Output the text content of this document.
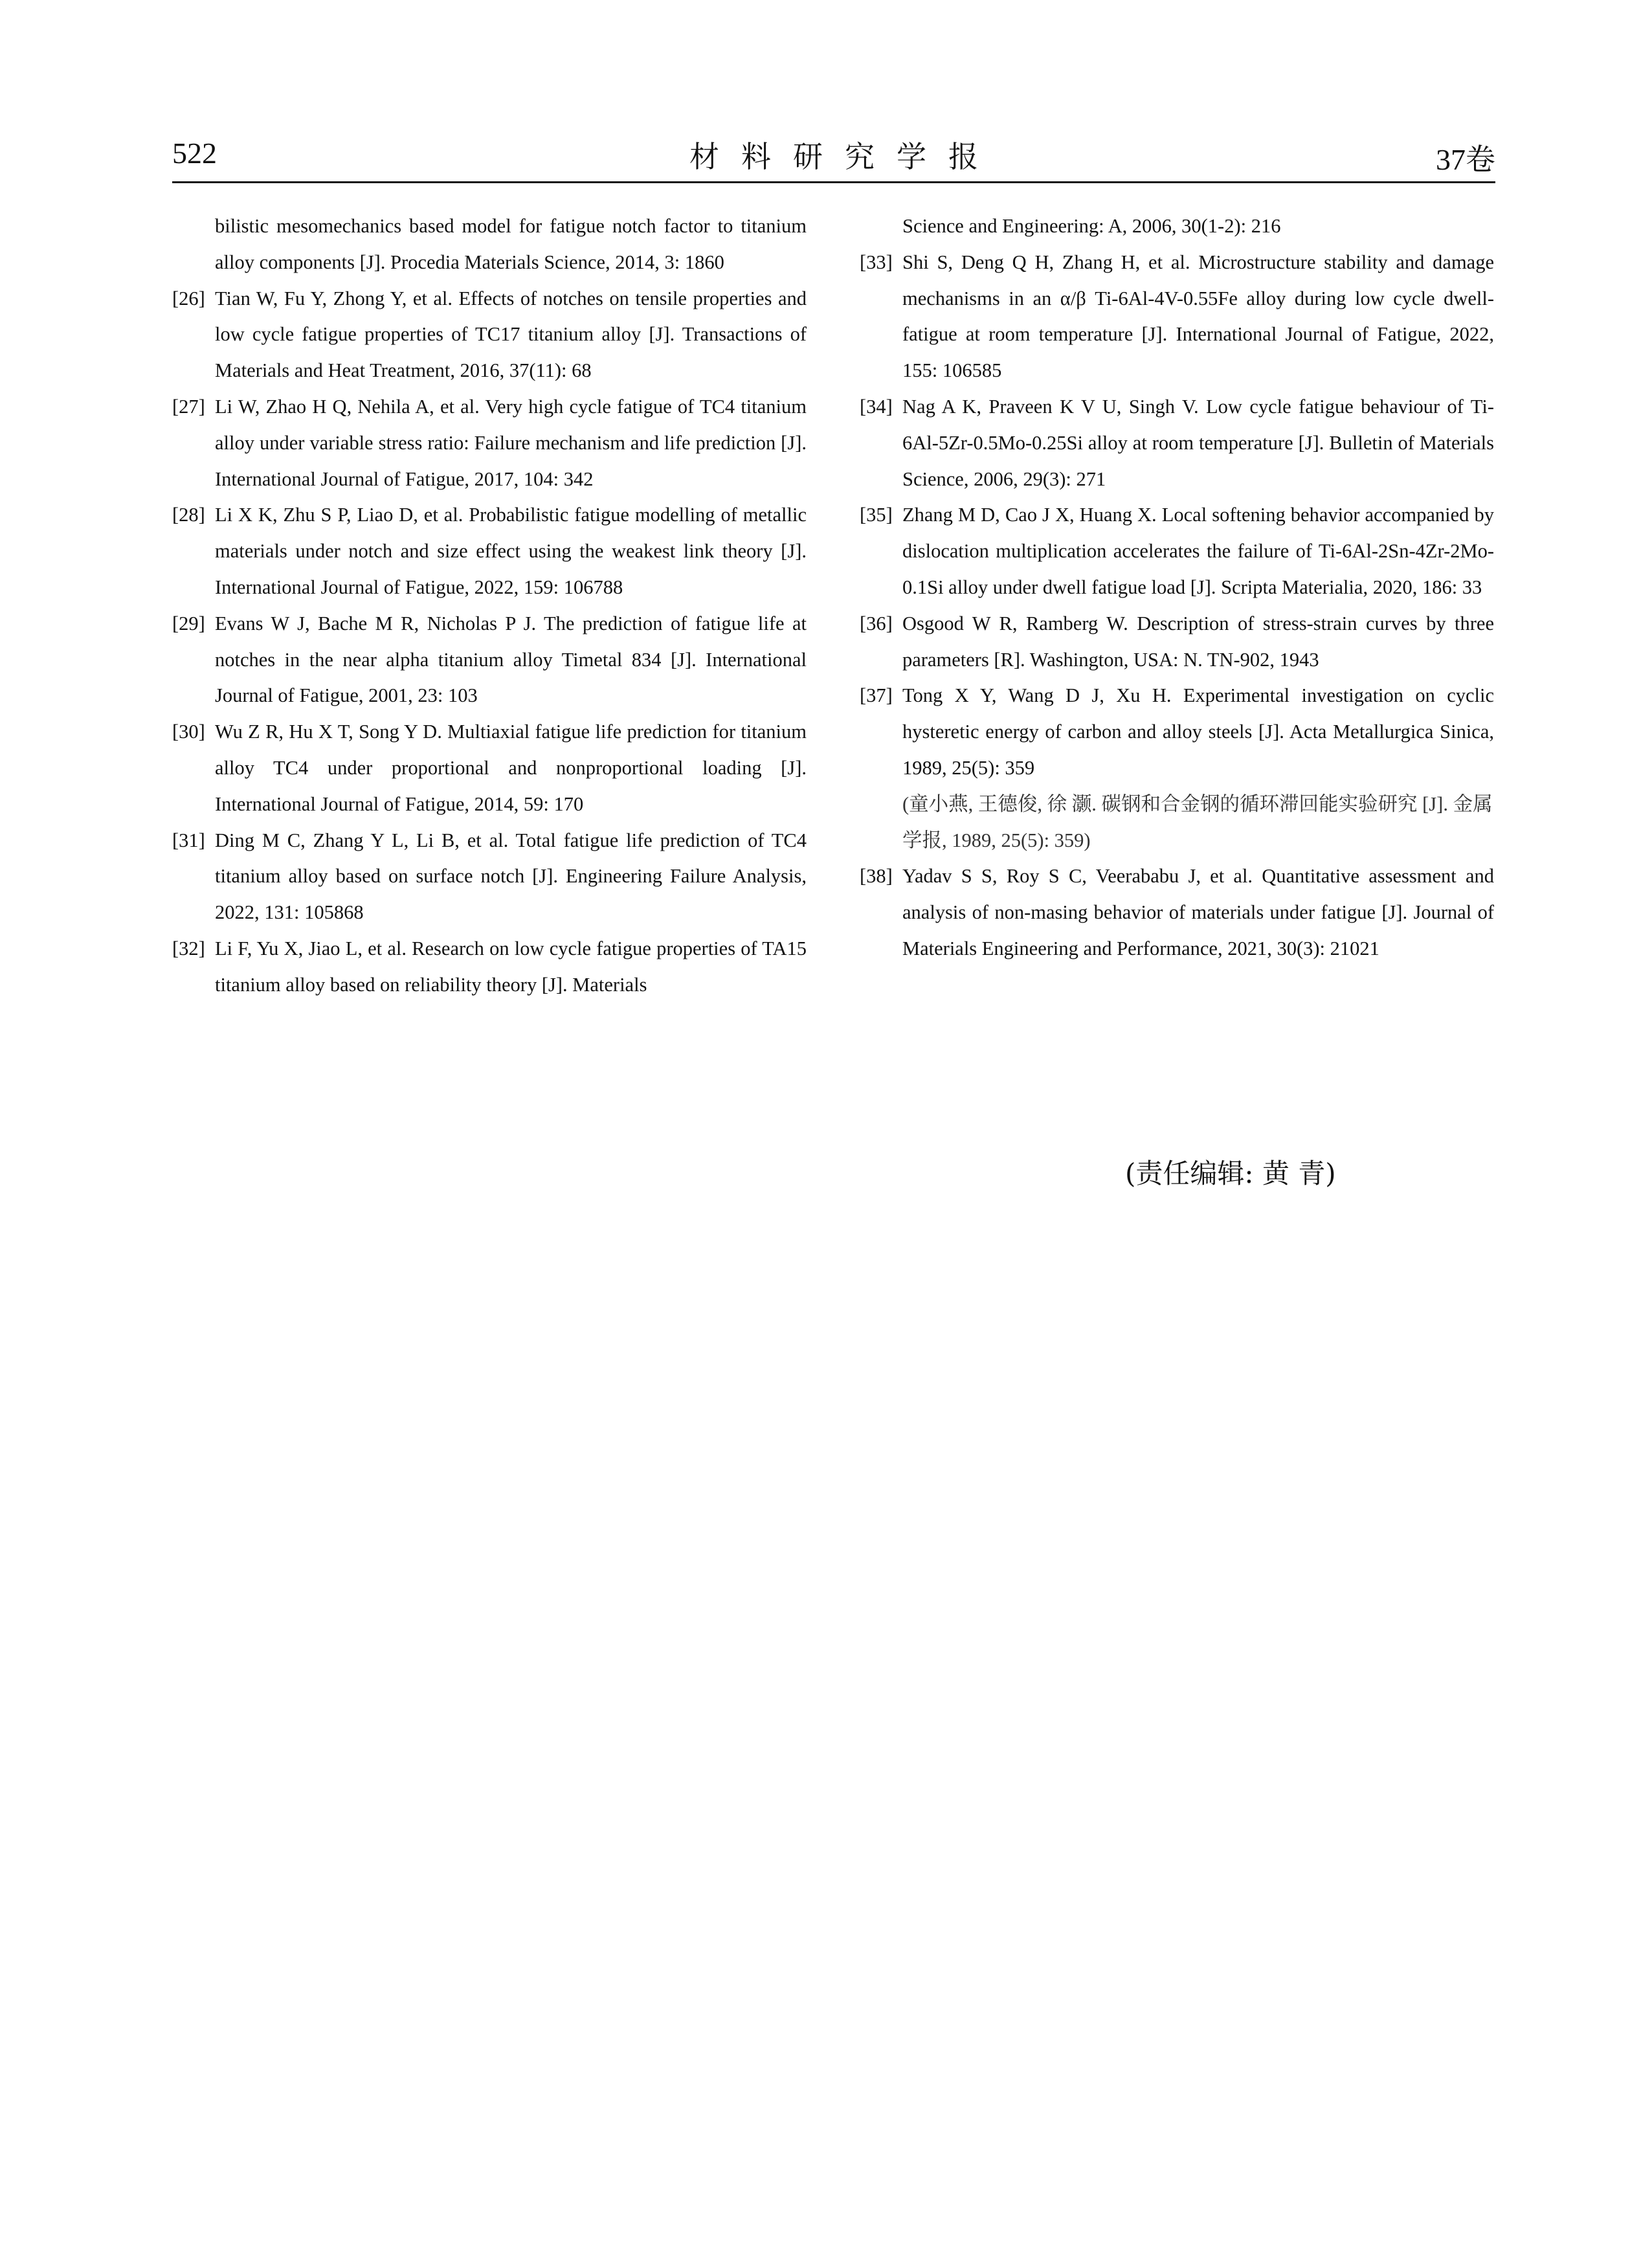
522	材料研究学报	37卷
bilistic mesomechanics based model for fatigue notch factor to titanium alloy components [J]. Procedia Materials Science, 2014, 3: 1860
[26] Tian W, Fu Y, Zhong Y, et al. Effects of notches on tensile properties and low cycle fatigue properties of TC17 titanium alloy [J]. Transactions of Materials and Heat Treatment, 2016, 37(11): 68
[27] Li W, Zhao H Q, Nehila A, et al. Very high cycle fatigue of TC4 titanium alloy under variable stress ratio: Failure mechanism and life prediction [J]. International Journal of Fatigue, 2017, 104: 342
[28] Li X K, Zhu S P, Liao D, et al. Probabilistic fatigue modelling of metallic materials under notch and size effect using the weakest link theory [J]. International Journal of Fatigue, 2022, 159: 106788
[29] Evans W J, Bache M R, Nicholas P J. The prediction of fatigue life at notches in the near alpha titanium alloy Timetal 834 [J]. International Journal of Fatigue, 2001, 23: 103
[30] Wu Z R, Hu X T, Song Y D. Multiaxial fatigue life prediction for titanium alloy TC4 under proportional and nonproportional loading [J]. International Journal of Fatigue, 2014, 59: 170
[31] Ding M C, Zhang Y L, Li B, et al. Total fatigue life prediction of TC4 titanium alloy based on surface notch [J]. Engineering Failure Analysis, 2022, 131: 105868
[32] Li F, Yu X, Jiao L, et al. Research on low cycle fatigue properties of TA15 titanium alloy based on reliability theory [J]. Materials
Science and Engineering: A, 2006, 30(1-2): 216
[33] Shi S, Deng Q H, Zhang H, et al. Microstructure stability and damage mechanisms in an α/β Ti-6Al-4V-0.55Fe alloy during low cycle dwell-fatigue at room temperature [J]. International Journal of Fatigue, 2022, 155: 106585
[34] Nag A K, Praveen K V U, Singh V. Low cycle fatigue behaviour of Ti-6Al-5Zr-0.5Mo-0.25Si alloy at room temperature [J]. Bulletin of Materials Science, 2006, 29(3): 271
[35] Zhang M D, Cao J X, Huang X. Local softening behavior accompanied by dislocation multiplication accelerates the failure of Ti-6Al-2Sn-4Zr-2Mo-0.1Si alloy under dwell fatigue load [J]. Scripta Materialia, 2020, 186: 33
[36] Osgood W R, Ramberg W. Description of stress-strain curves by three parameters [R]. Washington, USA: N. TN-902, 1943
[37] Tong X Y, Wang D J, Xu H. Experimental investigation on cyclic hysteretic energy of carbon and alloy steels [J]. Acta Metallurgica Sinica, 1989, 25(5): 359
(童小燕, 王德俊, 徐 灏. 碳钢和合金钢的循环滞回能实验研究 [J]. 金属学报, 1989, 25(5): 359)
[38] Yadav S S, Roy S C, Veerababu J, et al. Quantitative assessment and analysis of non-masing behavior of materials under fatigue [J]. Journal of Materials Engineering and Performance, 2021, 30(3): 21021
(责任编辑: 黄 青)
